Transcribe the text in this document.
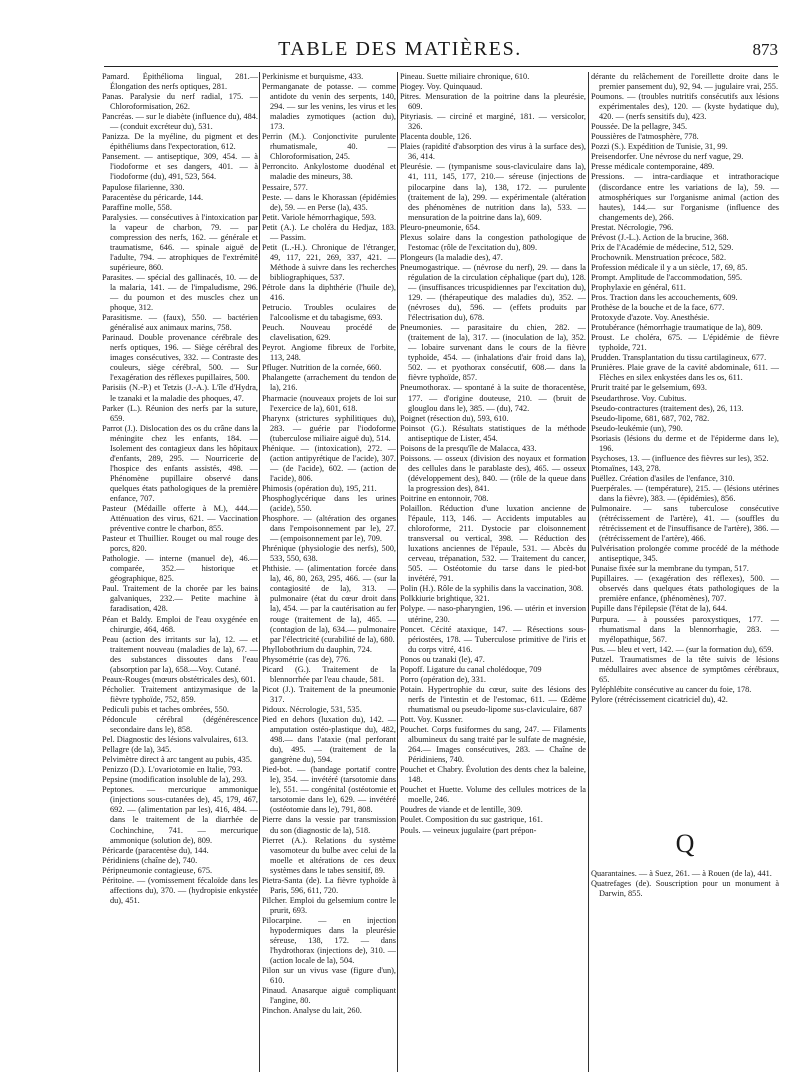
TABLE DES MATIÈRES.	873

Pamard. Épithélioma lingual, 281.— Élongation des nerfs optiques, 281.

Panas. Paralysie du nerf radial, 175. — Chloroformisation, 262.

Pancréas. — sur le diabète (influence du), 484. — (conduit excréteur du), 531.

Panizza. De la myéline, du pigment et des épithéliums dans l'expectoration, 612.

Pansement. — antiseptique, 309, 454. — à l'iodoforme et ses dangers, 401. — à l'iodoforme (du), 491, 523, 564.

Papulose filarienne, 330.

Paracentèse du péricarde, 144.

Paraffine molle, 558.

Paralysies. — consécutives à l'intoxication par la vapeur de charbon, 79. — par compression des nerfs, 162. — générale et traumatisme, 646. — spinale aiguë de l'adulte, 794. — atrophiques de l'extrémité supérieure, 860.

Parasites. — spécial des gallinacés, 10. — de la malaria, 141. — de l'impaludisme, 296. — du poumon et des muscles chez un phoque, 312.

Parasitisme. — (faux), 550. — bactérien généralisé aux animaux marins, 758.

Parinaud. Double provenance cérébrale des nerfs optiques, 196. — Siège cérébral des images consécutives, 332. — Contraste des couleurs, siège cérébral, 500. — Sur l'exagération des réflexes pupillaires, 500.

Parisiis (N.-P.) et Tetzis (J.-A.). L'île d'Hydra, le tzanaki et la maladie des phoques, 47.

Parker (L.). Réunion des nerfs par la suture, 659.

Parrot (J.). Dislocation des os du crâne dans la méningite chez les enfants, 184. — Isolement des contagieux dans les hôpitaux d'enfants, 289, 295. — Nourricerie de l'hospice des enfants assistés, 498. — Phénomène pupillaire observé dans quelques états pathologiques de la première enfance, 707.

Pasteur (Médaille offerte à M.), 444.—Atténuation des virus, 621. — Vaccination préventive contre le charbon, 855.

Pasteur et Thuillier. Rouget ou mal rouge des porcs, 820.

Pathologie. — interne (manuel de), 46.— comparée, 352.— historique et géographique, 825.

Paul. Traitement de la chorée par les bains galvaniques, 232.— Petite machine à faradisation, 428.

Péan et Baldy. Emploi de l'eau oxygénée en chirurgie, 464, 468.

Peau (action des irritants sur la), 12. — et traitement nouveau (maladies de la), 67. — des substances dissoutes dans l'eau (absorption par la), 658.—Voy. Cutané.

Peaux-Rouges (mœurs obstétricales des), 601.

Pécholier. Traitement antizymasique de la fièvre typhoïde, 752, 859.

Pediculi pubis et taches ombrées, 550.

Pédoncule cérébral (dégénérescence secondaire dans le), 858.

Pel. Diagnostic des lésions valvulaires, 613.

Pellagre (de la), 345.

Pelvimètre direct à arc tangent au pubis, 435.

Penizzo (D.). L'ovariotomie en Italie, 793.

Pepsine (modification insoluble de la), 293.

Peptones. — mercurique ammonique (injections sous-cutanées de), 45, 179, 467, 692. — (alimentation par les), 416, 484. — dans le traitement de la diarrhée de Cochinchine, 741. — mercurique ammonique (solution de), 809.

Péricarde (paracentèse du), 144.

Péridiniens (chaîne de), 740.

Péripneumonie contagieuse, 675.

Péritoine. — (vomissement fécaloïde dans les affections du), 370. — (hydropisie enkystée du), 451.

Perkinisme et burquisme, 433.

Permanganate de potasse. — comme antidote du venin des serpents, 140, 294. — sur les venins, les virus et les maladies zymotiques (action du), 173.

Perrin (M.). Conjonctivite purulente rhumatismale, 40. — Chloroformisation, 245.

Perroncito. Ankylostome duodénal et maladie des mineurs, 38.

Pessaire, 577.

Peste. — dans le Khorassan (épidémies de), 59. — en Perse (la), 435.

Petit. Variole hémorrhagique, 593.

Petit (A.). Le choléra du Hedjaz, 183. — Passim.

Petit (L.-H.). Chronique de l'étranger, 49, 117, 221, 269, 337, 421. — Méthode à suivre dans les recherches bibliographiques, 537.

Pétrole dans la diphthérie (l'huile de), 416.

Petrucio. Troubles oculaires de l'alcoolisme et du tabagisme, 693.

Peuch. Nouveau procédé de clavelisation, 629.

Peyrot. Angiome fibreux de l'orbite, 113, 248.

Pfluger. Nutrition de la cornée, 660.

Phalangette (arrachement du tendon de la), 216.

Pharmacie (nouveaux projets de loi sur l'exercice de la), 601, 618.

Pharynx (strictures syphilitiques du), 283. — guérie par l'iodoforme (tuberculose miliaire aiguë du), 514.

Phénique. — (intoxication), 272. — (action antipyrétique de l'acide), 307. — (de l'acide), 602. — (action de l'acide), 806.

Phimosis (opération du), 195, 211.

Phosphoglycérique dans les urines (acide), 550.

Phosphore. — (altération des organes dans l'empoisonnement par le), 27. — (empoisonnement par le), 709.

Phrénique (physiologie des nerfs), 500, 533, 550, 638.

Phthisie. — (alimentation forcée dans la), 46, 80, 263, 295, 466. — (sur la contagiosité de la), 313. — pulmonaire (état du cœur droit dans la), 454. — par la cautérisation au fer rouge (traitement de la), 465. — (contagion de la), 634.— pulmonaire par l'électricité (curabilité de la), 680.

Phyllobothrium du dauphin, 724.

Physométrie (cas de), 776.

Picard (G.). Traitement de la blennorrhée par l'eau chaude, 581.

Picot (J.). Traitement de la pneumonie 317.

Pidoux. Nécrologie, 531, 535.

Pied en dehors (luxation du), 142. — amputation ostéo-plastique du), 482, 498.— dans l'ataxie (mal perforant du), 495. — (traitement de la gangrène du), 594.

Pied-bot. — (bandage portatif contre le), 354. — invétéré (tarsotomie dans le), 551. — congénital (ostéotomie et tarsotomie dans le), 629. — invétéré (ostéotomie dans le), 791, 808.

Pierre dans la vessie par transmission du son (diagnostic de la), 518.

Pierret (A.). Relations du système vasomoteur du bulbe avec celui de la moelle et altérations de ces deux systèmes dans le tabes sensitif, 89.

Pietra-Santa (de). La fièvre typhoïde à Paris, 596, 611, 720.

Pilcher. Emploi du gelsemium contre le prurit, 693.

Pilocarpine. — en injection hypodermiques dans la pleurésie séreuse, 138, 172. — dans l'hydrothorax (injections de), 310. — (action locale de la), 504.

Pilon sur un vivus vase (figure d'un), 610.

Pinaud. Anasarque aiguë compliquant l'angine, 80.

Pinchon. Analyse du lait, 260.

Pineau. Suette miliaire chronique, 610.

Piogey. Voy. Quinquaud.

Pitres. Mensuration de la poitrine dans la pleurésie, 609.

Pityriasis. — circiné et marginé, 181. — versicolor, 326.

Placenta double, 126.

Plaies (rapidité d'absorption des virus à la surface des), 36, 414.

Pleurésie. — (tympanisme sous-claviculaire dans la), 41, 111, 145, 177, 210.— séreuse (injections de pilocarpine dans la), 138, 172. — purulente (traitement de la), 299. — expérimentale (altération des phénomènes de nutrition dans la), 533. — mensuration de la poitrine dans la), 609.

Pleuro-pneumonie, 654.

Plexus solaire dans la congestion pathologique de l'estomac (rôle de l'excitation du), 809.

Plongeurs (la maladie des), 47.

Pneumogastrique. — (névrose du nerf), 29. — dans la régulation de la circulation céphalique (part du), 128. — (insuffisances tricuspidiennes par l'excitation du), 129. — (thérapeutique des maladies du), 352. — (névroses du), 596. — (effets produits par l'électrisation du), 678.

Pneumonies. — parasitaire du chien, 282. — (traitement de la), 317. — (inoculation de la), 352. — lobaire survenant dans le cours de la fièvre typhoïde, 454. — (inhalations d'air froid dans la), 502. — et pyothorax consécutif, 608.— dans la fièvre typhoïde, 857.

Pneumothorax. — spontané à la suite de thoracentèse, 177. — d'origine douteuse, 210. — (bruit de glouglou dans le), 385. — (du), 742.

Poignet (résection du), 593, 610.

Poinsot (G.). Résultats statistiques de la méthode antiseptique de Lister, 454.

Poisons de la presqu'île de Malacca, 433.

Poissons. — osseux (division des noyaux et formation des cellules dans le parablaste des), 465. — osseux (développement des), 840. — (rôle de la queue dans la progression des), 841.

Poitrine en entonnoir, 708.

Polaillon. Réduction d'une luxation ancienne de l'épaule, 113, 146. — Accidents imputables au chloroforme, 211. Dystocie par cloisonnement transversal ou vertical, 398. — Réduction des luxations anciennes de l'épaule, 531. — Abcès du cerveau, trépanation, 532. — Traitement du cancer, 505. — Ostéotomie du tarse dans le pied-bot invétéré, 791.

Polin (H.). Rôle de la syphilis dans la vaccination, 308.

Polkkiurie brightique, 321.

Polype. — naso-pharyngien, 196. — utérin et inversion utérine, 230.

Poncet. Cécité ataxique, 147. — Résections sous-périostées, 178. — Tuberculose primitive de l'iris et du corps vitré, 416.

Ponos ou tzanaki (le), 47.

Popoff. Ligature du canal cholédoque, 709

Porro (opération de), 331.

Potain. Hypertrophie du cœur, suite des lésions des nerfs de l'intestin et de l'estomac, 611. — Œdème rhumatismal ou pseudo-lipome sus-claviculaire, 687

Pott. Voy. Kussner.

Pouchet. Corps fusiformes du sang, 247. — Filaments albumineux du sang traité par le sulfate de magnésie, 264.— Images consécutives, 283. — Chaîne de Péridiniens, 740.

Pouchet et Chabry. Évolution des dents chez la baleine, 148.

Pouchet et Huette. Volume des cellules motrices de la moelle, 246.

Poudres de viande et de lentille, 309.

Poulet. Composition du suc gastrique, 161.

Pouls. — veineux jugulaire (part prépon-

dérante du relâchement de l'oreillette droite dans le premier pansement du), 92, 94. — jugulaire vrai, 255.

Poumons. — (troubles nutritifs consécutifs aux lésions expérimentales des), 120. — (kyste hydatique du), 420. — (nerfs sensitifs du), 423.

Poussée. De la pellagre, 345.

Poussières de l'atmosphère, 778.

Pozzi (S.). Expédition de Tunisie, 31, 99.

Preisendorfer. Une névrose du nerf vague, 29.

Presse médicale contemporaine, 489.

Pressions. — intra-cardiaque et intrathoracique (discordance entre les variations de la), 59. — atmosphériques sur l'organisme animal (action des hautes), 144.— sur l'organisme (influence des changements de), 266.

Prestat. Nécrologie, 796.

Prévost (J.-L.). Action de la brucine, 368.

Prix de l'Académie de médecine, 512, 529.

Prochownik. Menstruation précoce, 582.

Profession médicale il y a un siècle, 17, 69, 85.

Prompt. Amplitude de l'accommodation, 595.

Prophylaxie en général, 611.

Pros. Traction dans les accouchements, 609.

Prothèse de la bouche et de la face, 677.

Protoxyde d'azote. Voy. Anesthésie.

Protubérance (hémorrhagie traumatique de la), 809.

Proust. Le choléra, 675. — L'épidémie de fièvre typhoïde, 721.

Prudden. Transplantation du tissu cartilagineux, 677.

Prunières. Plaie grave de la cavité abdominale, 611. — Flèches en silex enkystées dans les os, 611.

Prurit traité par le gelsemium, 693.

Pseudarthrose. Voy. Cubitus.

Pseudo-contractures (traitement des), 26, 113.

Pseudo-lipome, 681, 687, 702, 782.

Pseudo-leukémie (un), 790.

Psoriasis (lésions du derme et de l'épiderme dans le), 196.

Psychoses, 13. — (influence des fièvres sur les), 352.

Ptomaïnes, 143, 278.

Puëllez. Création d'asiles de l'enfance, 310.

Puerpérales. — (température), 215. — (lésions utérines dans la fièvre), 383. — (épidémies), 856.

Pulmonaire. — sans tuberculose consécutive (rétrécissement de l'artère), 41. — (souffles du rétrécissement et de l'insuffisance de l'artère), 386. — (rétrécissement de l'artère), 466.

Pulvérisation prolongée comme procédé de la méthode antiseptique, 345.

Punaise fixée sur la membrane du tympan, 517.

Pupillaires. — (exagération des réflexes), 500. — observés dans quelques états pathologiques de la première enfance, (phénomènes), 707.

Pupille dans l'épilepsie (l'état de la), 644.

Purpura. — à poussées paroxystiques, 177. — rhumatismal dans la blennorrhagie, 283. — myélopathique, 567.

Pus. — bleu et vert, 142. — (sur la formation du), 659.

Putzel. Traumatismes de la tête suivis de lésions médullaires avec absence de symptômes cérébraux, 65.

Pyléphlébite consécutive au cancer du foie, 178.

Pylore (rétrécissement cicatriciel du), 42.

Q

Quarantaines. — à Suez, 261. — à Rouen (de la), 441.

Quatrefages (de). Souscription pour un monument à Darwin, 855.
